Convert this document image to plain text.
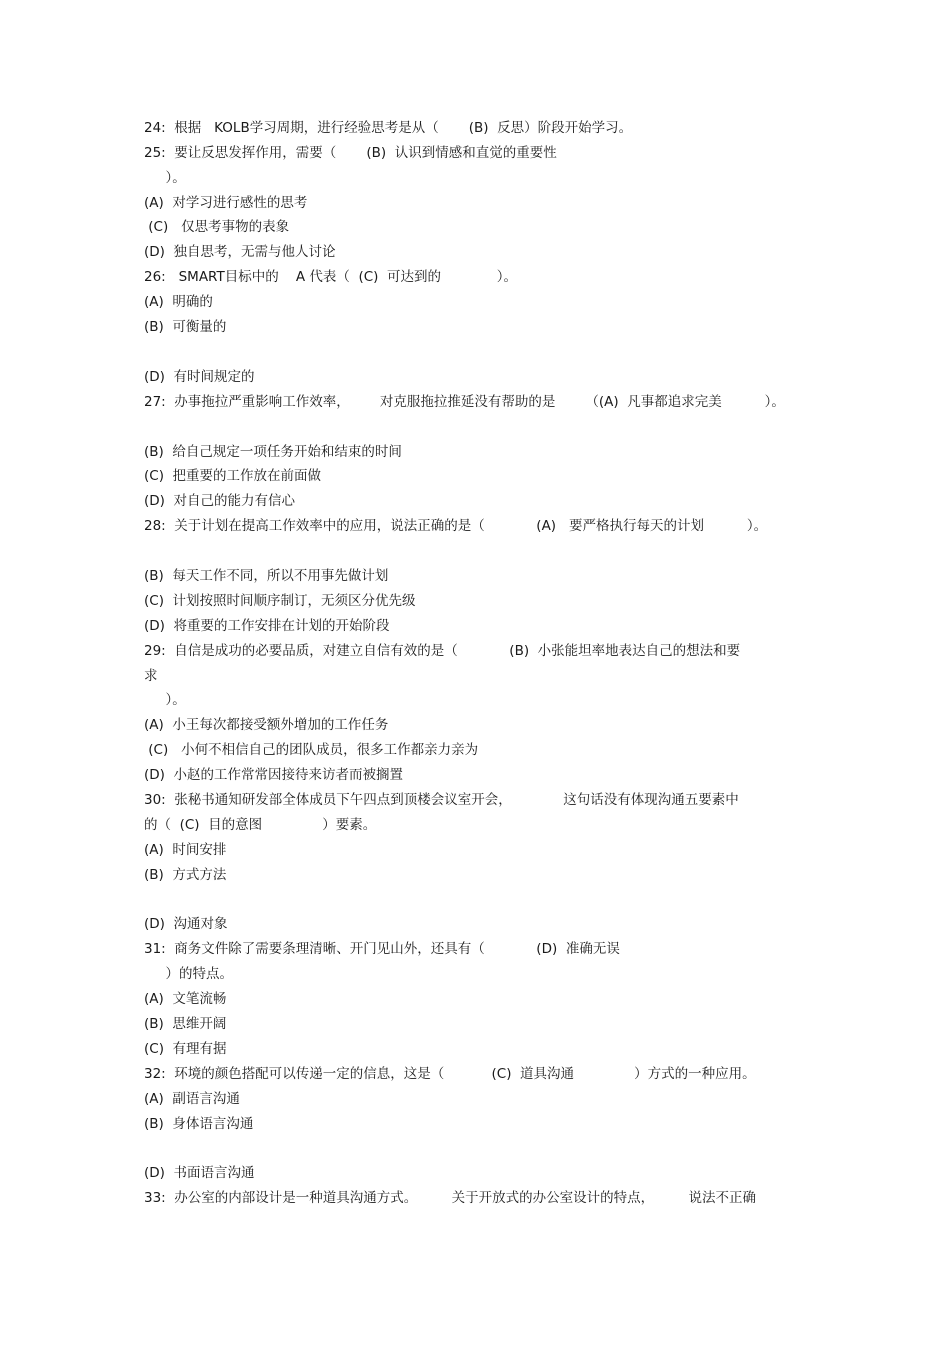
24:  根据   KOLB学习周期，进行经验思考是从（       (B)  反思）阶段开始学习。
25:  要让反思发挥作用，需要（       (B)  认识到情感和直觉的重要性
）。
(A)  对学习进行感性的思考
(C)   仅思考事物的表象
(D)  独自思考，无需与他人讨论
26:   SMART目标中的    A 代表（  (C)  可达到的             ）。
(A)  明确的
(B)  可衡量的
(D)  有时间规定的
27:  办事拖拉严重影响工作效率，       对克服拖拉推延没有帮助的是       （(A)  凡事都追求完美          ）。
(B)  给自己规定一项任务开始和结束的时间
(C)  把重要的工作放在前面做
(D)  对自己的能力有信心
28:  关于计划在提高工作效率中的应用，说法正确的是（            (A)   要严格执行每天的计划          ）。
(B)  每天工作不同，所以不用事先做计划
(C)  计划按照时间顺序制订，无须区分优先级
(D)  将重要的工作安排在计划的开始阶段
29:  自信是成功的必要品质，对建立自信有效的是（            (B)  小张能坦率地表达自己的想法和要
求
）。
(A)  小王每次都接受额外增加的工作任务
(C)   小何不相信自己的团队成员，很多工作都亲力亲为
(D)  小赵的工作常常因接待来访者而被搁置
30:  张秘书通知研发部全体成员下午四点到顶楼会议室开会，            这句话没有体现沟通五要素中
的（  (C)  目的意图              ）要素。
(A)  时间安排
(B)  方式方法
(D)  沟通对象
31:  商务文件除了需要条理清晰、开门见山外，还具有（            (D)  准确无误
）的特点。
(A)  文笔流畅
(B)  思维开阔
(C)  有理有据
32:  环境的颜色搭配可以传递一定的信息，这是（           (C)  道具沟通              ）方式的一种应用。
(A)  副语言沟通
(B)  身体语言沟通
(D)  书面语言沟通
33:  办公室的内部设计是一种道具沟通方式。        关于开放式的办公室设计的特点，        说法不正确
